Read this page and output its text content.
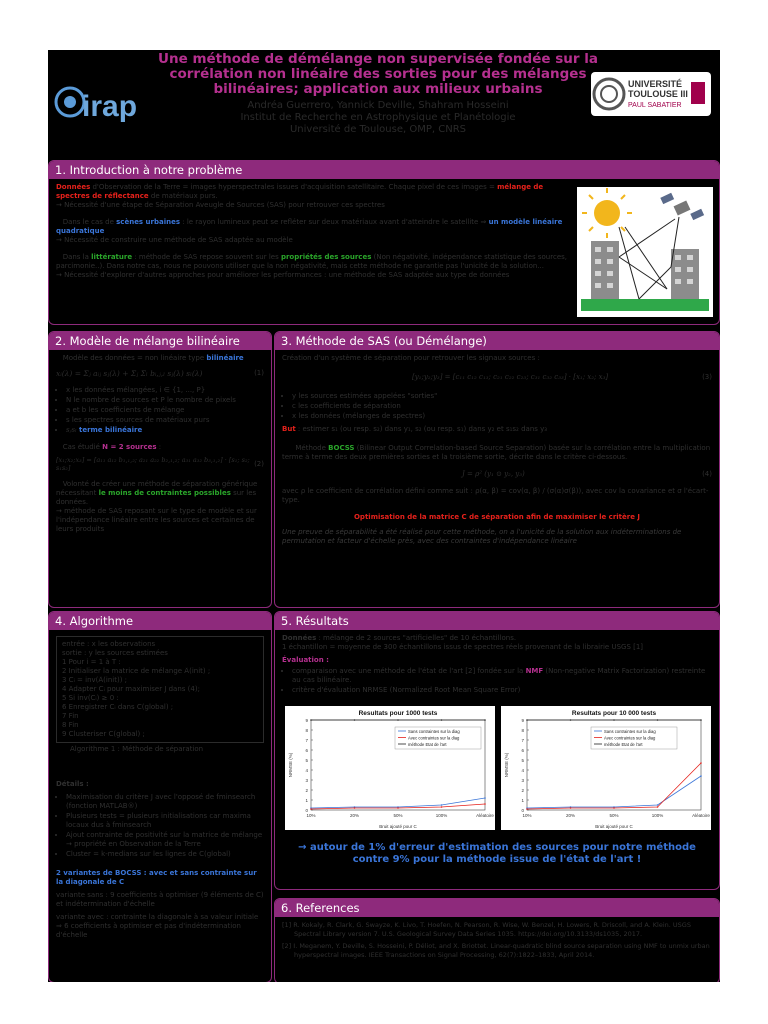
irap
Une méthode de démélange non supervisée fondée sur la corrélation non linéaire des sorties pour des mélanges bilinéaires; application aux milieux urbains
Andréa Guerrero, Yannick Deville, Shahram Hosseini
Institut de Recherche en Astrophysique et Planétologie
Université de Toulouse, OMP, CNRS
UNIVERSITÉ
TOULOUSE III
PAUL SABATIER
1. Introduction à notre problème

Données d'Observation de la Terre = images hyperspectrales issues d'acquisition satellitaire. Chaque pixel de ces images = mélange de spectres de réflectance de matériaux purs.
→ Nécessité d'une étape de Séparation Aveugle de Sources (SAS) pour retrouver ces spectres

Dans le cas de scènes urbaines : le rayon lumineux peut se refléter sur deux matériaux avant d'atteindre le satellite ⇒ un modèle linéaire quadratique
→ Nécessité de construire une méthode de SAS adaptée au modèle

Dans la littérature : méthode de SAS repose souvent sur les propriétés des sources (Non négativité, indépendance statistique des sources, parcimonie..). Dans notre cas, nous ne pouvons utiliser que la non négativité, mais cette méthode ne garantie pas l'unicité de la solution...
→ Nécessité d'explorer d'autres approches pour améliorer les performances : une méthode de SAS adaptée aux type de données

2. Modèle de mélange bilinéaire

Modèle des données = non linéaire type bilinéaire

xᵢ(λ) = Σⱼ aᵢⱼ sⱼ(λ) + Σⱼ Σₗ bᵢ,ⱼ,ₗ sⱼ(λ) sₗ(λ)	(1)
• x les données mélangées, i ∈ {1, ..., P}
• N le nombre de sources et P le nombre de pixels
• a et b les coefficients de mélange
• s les spectres sources de matériaux purs
• sⱼsₗ terme bilinéaire

Cas étudié N = 2 sources :

[x₁;x₂;x₃] = [a₁₁ a₁₂ b₁,₁,₂; a₂₁ a₂₂ b₂,₁,₂; a₃₁ a₃₂ b₃,₁,₂] · [s₁; s₂; s₁s₂]
(2)

Volonté de créer une méthode de séparation générique nécessitant le moins de contraintes possibles sur les données.
→ méthode de SAS reposant sur le type de modèle et sur l'indépendance linéaire entre les sources et certaines de leurs produits

3. Méthode de SAS (ou Démélange)

Création d'un système de séparation pour retrouver les signaux sources :

[y₁;y₂;y₃] = [c₁₁ c₁₂ c₁₃; c₂₁ c₂₂ c₂₃; c₃₁ c₃₂ c₃₃] · [x₁; x₂; x₃]	(3)
• y les sources estimées appelées "sorties"
• c les coefficients de séparation
• x les données (mélanges de spectres)

But : estimer s₁ (ou resp. s₂) dans y₁, s₂ (ou resp. s₁) dans y₂ et s₁s₂ dans y₃

Méthode BOCSS (Bilinear Output Correlation-based Source Separation) basée sur la corrélation entre la multiplication terme à terme des deux premières sorties et la troisième sortie, décrite dans le critère ci-dessous.

J = ρ² (y₁ ⊙ y₂, y₃)	(4)

avec ρ le coefficient de corrélation défini comme suit : ρ(α, β) = cov(α, β) / (σ(α)σ(β)), avec cov la covariance et σ l'écart-type.

Optimisation de la matrice C de séparation afin de maximiser le critère J

Une preuve de séparabilité a été réalisé pour cette méthode, on a l'unicité de la solution aux indéterminations de permutation et facteur d'échelle près, avec des contraintes d'indépendance linéaire

4. Algorithme
entrée : x les observations
sortie : y les sources estimées
1 Pour i = 1 à T :
2 Initialiser la matrice de mélange Â(init) ;
3 Cᵢ = inv(Â(init)) ;
4 Adapter Cᵢ pour maximiser J dans (4);
5 Si inv(Cᵢ) ≥ 0 :
6 Enregistrer Cᵢ dans C(global) ;
7 Fin
8 Fin
9 Clusteriser C(global) ;

Algorithme 1 : Méthode de séparation

Détails :

• Maximisation du critère J avec l'opposé de fminsearch (fonction MATLAB®)
• Plusieurs tests = plusieurs initialisations car maxima locaux dus à fminsearch
• Ajout contrainte de positivité sur la matrice de mélange → propriété en Observation de la Terre
• Cluster = k-medians sur les lignes de C(global)

2 variantes de BOCSS : avec et sans contrainte sur la diagonale de C

variante sans : 9 coefficients à optimiser (9 éléments de C) et indétermination d'échelle

variante avec : contrainte la diagonale à sa valeur initiale ⇒ 6 coefficients à optimiser et pas d'indétermination d'échelle

5. Résultats

Données : mélange de 2 sources "artificielles" de 10 échantillons.
1 échantillon = moyenne de 300 échantillons issus de spectres réels provenant de la librairie USGS [1]

Évaluation :

• comparaison avec une méthode de l'état de l'art [2] fondée sur la NMF (Non-negative Matrix Factorization) restreinte au cas bilinéaire.
• critère d'évaluation NRMSE (Normalized Root Mean Square Error)
Resultats pour 1000 tests
0
1
2
3
4
5
6
7
8
9
10%	20%	50%	100%	Aléatoire
Bruit ajouté pour C
NRMSE (%)
Sans contraintes sur la diag
Avec contraintes sur la diag
méthode Etat de l'art
Resultats pour 10 000 tests
0
1
2
3
4
5
6
7
8
9
10%	20%	50%	100%	Aléatoire
Bruit ajouté pour C
NRMSE (%)
Sans contraintes sur la diag
Avec contraintes sur la diag
méthode Etat de l'art
→ autour de 1% d'erreur d'estimation des sources pour notre méthode contre 9% pour la méthode issue de l'état de l'art !
6. References

[1] R. Kokaly, R. Clark, G. Swayze, K. Livo, T. Hoefen, N. Pearson, R. Wise, W. Benzel, H. Lowers, R. Driscoll, and A. Klein. USGS Spectral Library version 7. U.S. Geological Survey Data Series 1035. https://doi.org/10.3133/ds1035, 2017.

[2] I. Meganem, Y. Deville, S. Hosseini, P. Déliot, and X. Briottet. Linear-quadratic blind source separation using NMF to unmix urban hyperspectral images. IEEE Transactions on Signal Processing, 62(7):1822–1833, April 2014.
